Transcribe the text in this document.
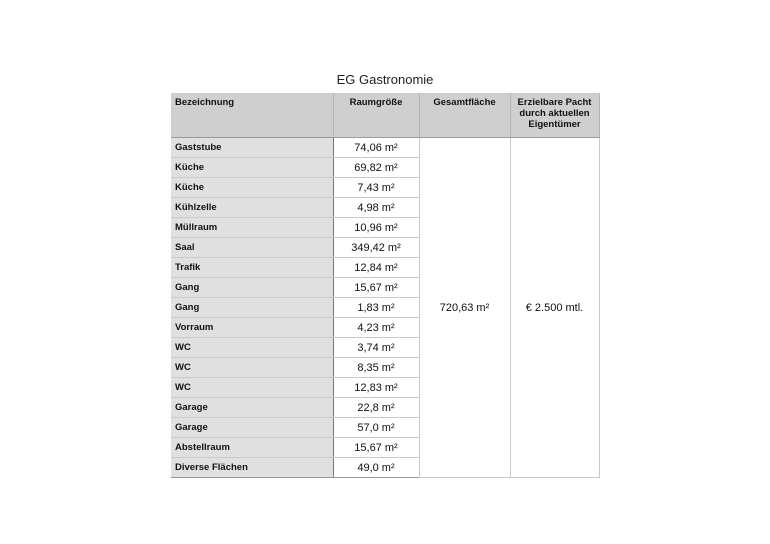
EG Gastronomie
Bezeichnung	Raumgröße	Gesamtfläche	Erzielbare Pacht durch aktuellen Eigentümer
Gaststube	74,06 m²	720,63 m²	€ 2.500 mtl.
Küche	69,82 m²		
Küche	7,43 m²		
Kühlzelle	4,98 m²		
Müllraum	10,96 m²		
Saal	349,42 m²		
Trafik	12,84 m²		
Gang	15,67 m²		
Gang	1,83 m²		
Vorraum	4,23 m²		
WC	3,74 m²		
WC	8,35 m²		
WC	12,83 m²		
Garage	22,8 m²		
Garage	57,0 m²		
Abstellraum	15,67 m²		
Diverse Flächen	49,0 m²		
